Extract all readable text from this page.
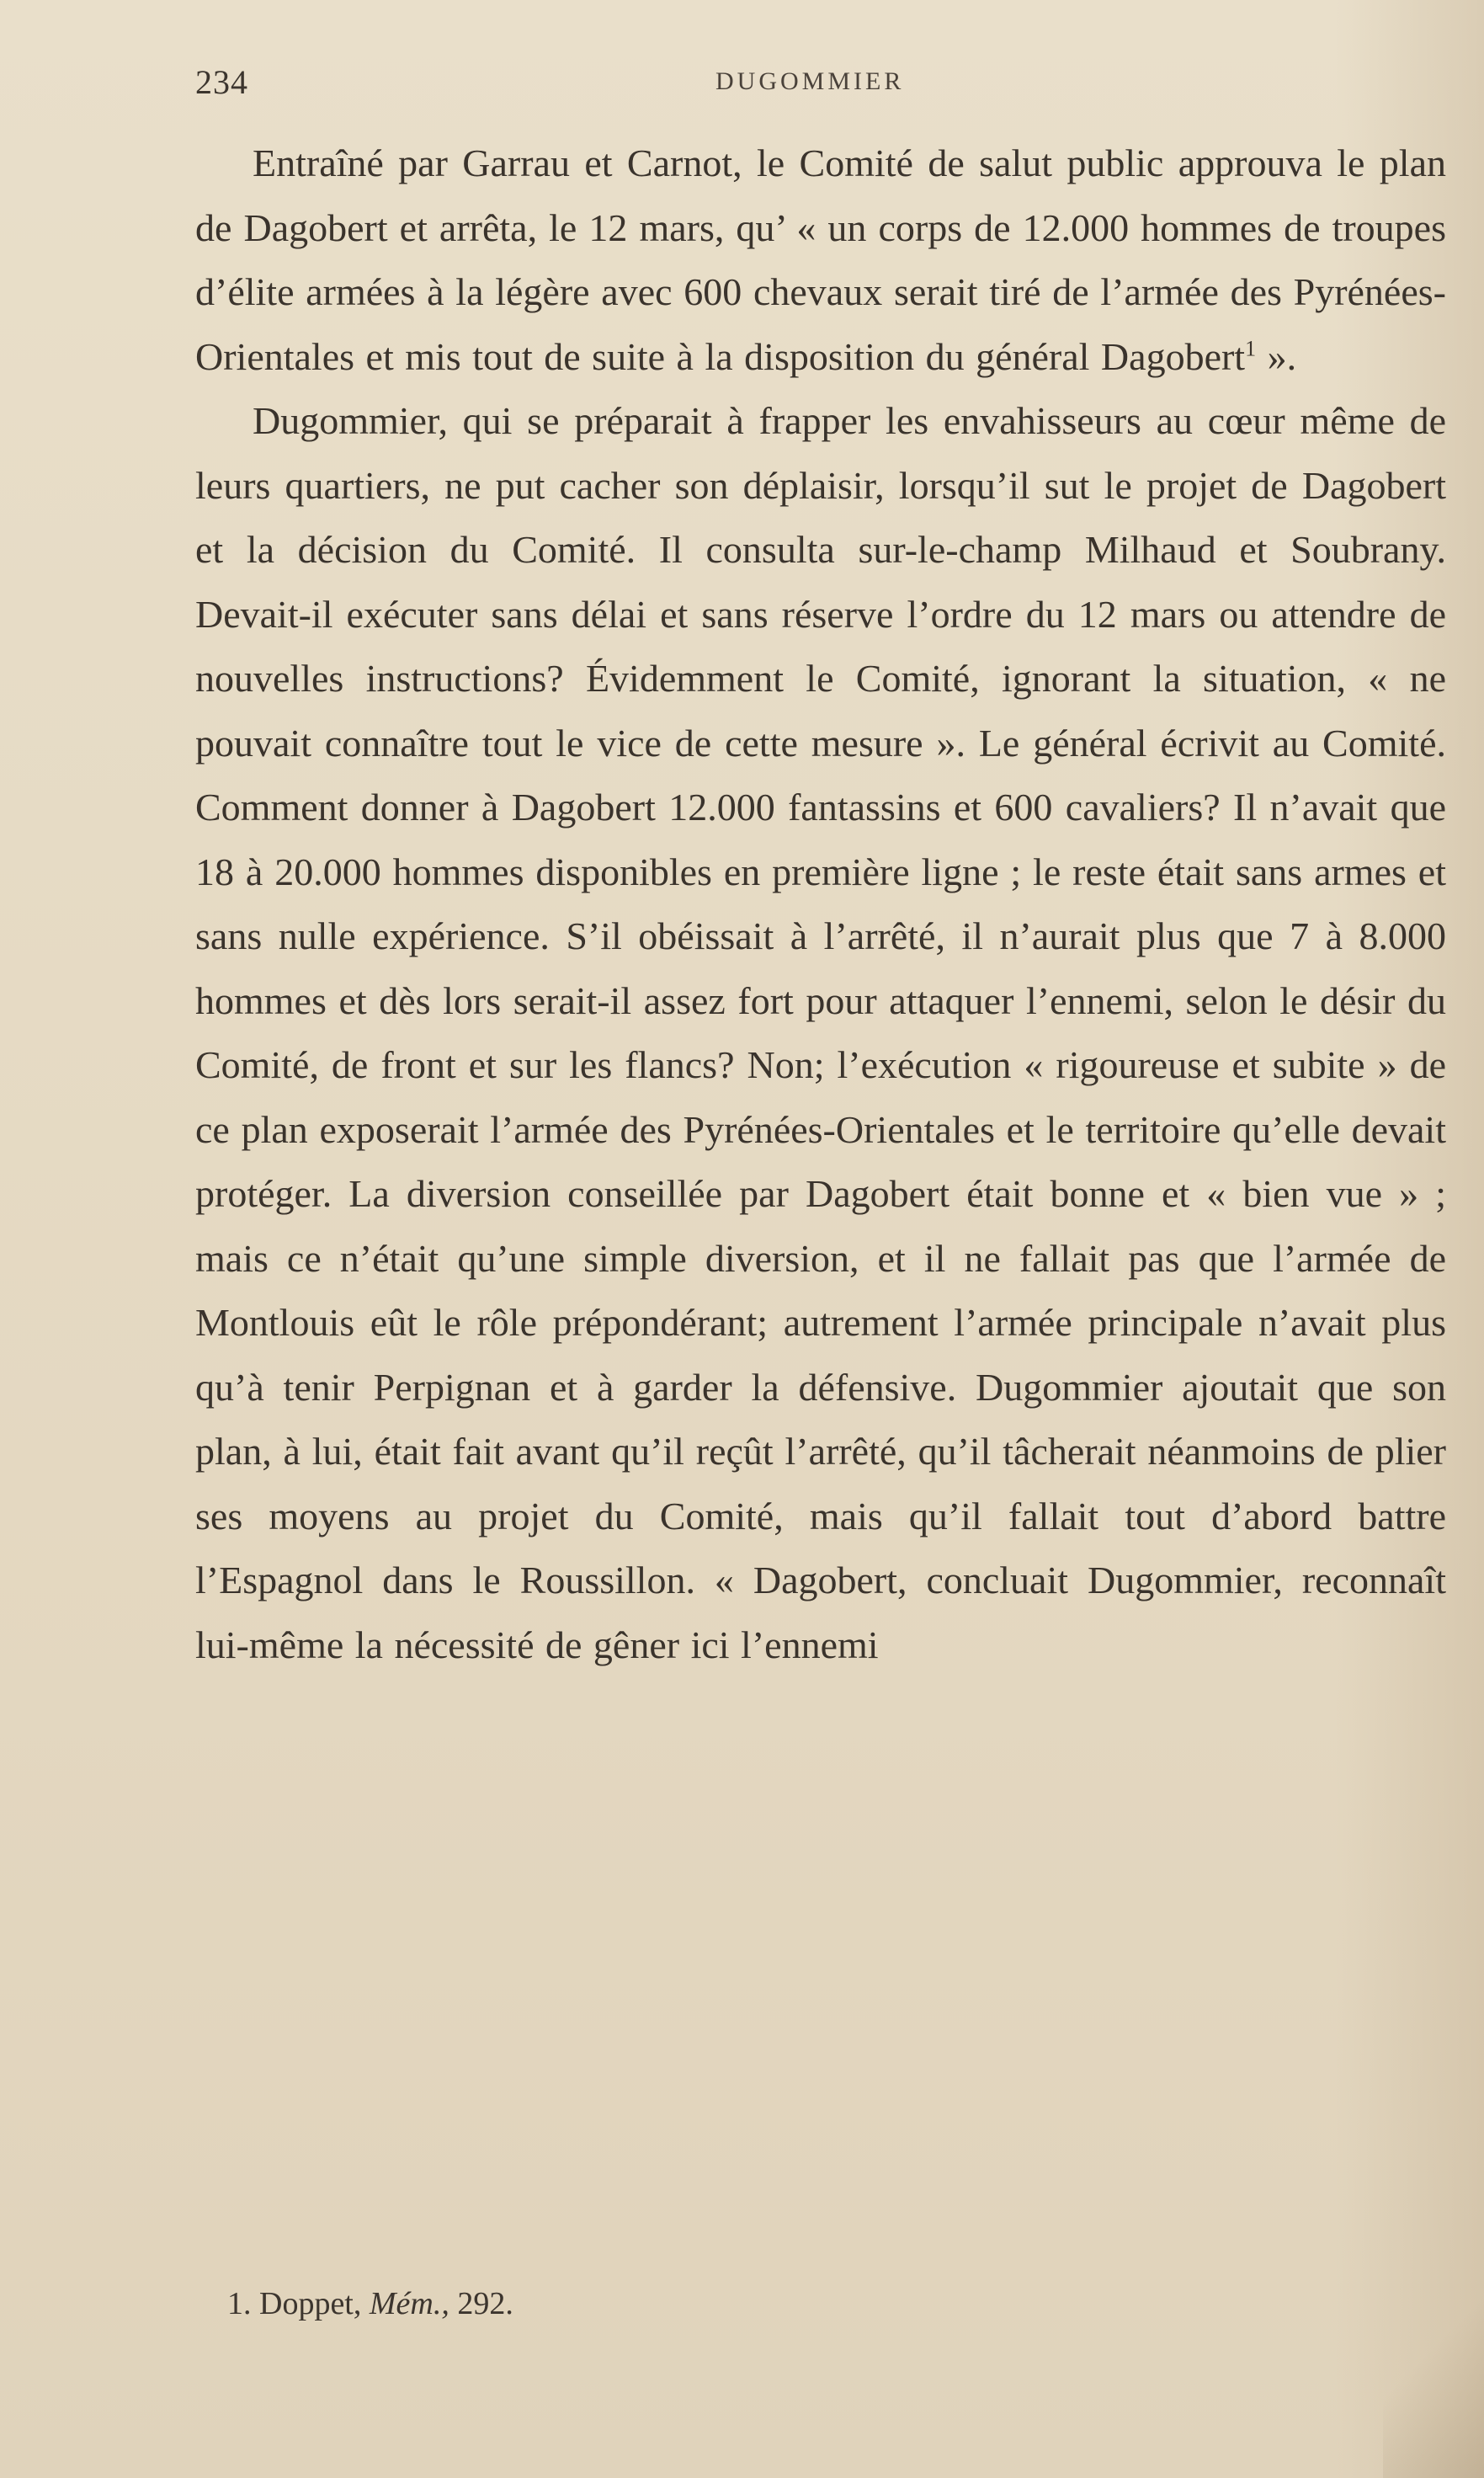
234	DUGOMMIER

Entraîné par Garrau et Carnot, le Comité de salut public approuva le plan de Dagobert et arrêta, le 12 mars, qu’ « un corps de 12.000 hommes de troupes d’élite armées à la légère avec 600 chevaux serait tiré de l’armée des Pyrénées-Orientales et mis tout de suite à la disposition du général Dagobert$^1$ ».

Dugommier, qui se préparait à frapper les envahisseurs au cœur même de leurs quartiers, ne put cacher son déplaisir, lorsqu’il sut le projet de Dagobert et la décision du Comité. Il consulta sur-le-champ Milhaud et Soubrany. Devait-il exécuter sans délai et sans réserve l’ordre du 12 mars ou attendre de nouvelles instructions? Évidemment le Comité, ignorant la situation, « ne pouvait connaître tout le vice de cette mesure ». Le général écrivit au Comité. Comment donner à Dagobert 12.000 fantassins et 600 cavaliers? Il n’avait que 18 à 20.000 hommes disponibles en première ligne ; le reste était sans armes et sans nulle expérience. S’il obéissait à l’arrêté, il n’aurait plus que 7 à 8.000 hommes et dès lors serait-il assez fort pour attaquer l’ennemi, selon le désir du Comité, de front et sur les flancs? Non; l’exécution « rigoureuse et subite » de ce plan exposerait l’armée des Pyrénées-Orientales et le territoire qu’elle devait protéger. La diversion conseillée par Dagobert était bonne et « bien vue » ; mais ce n’était qu’une simple diversion, et il ne fallait pas que l’armée de Montlouis eût le rôle prépondérant; autrement l’armée principale n’avait plus qu’à tenir Perpignan et à garder la défensive. Dugommier ajoutait que son plan, à lui, était fait avant qu’il reçût l’arrêté, qu’il tâcherait néanmoins de plier ses moyens au projet du Comité, mais qu’il fallait tout d’abord battre l’Espagnol dans le Roussillon. « Dagobert, concluait Dugommier, reconnaît lui-même la nécessité de gêner ici l’ennemi

1. Doppet, Mém., 292.
